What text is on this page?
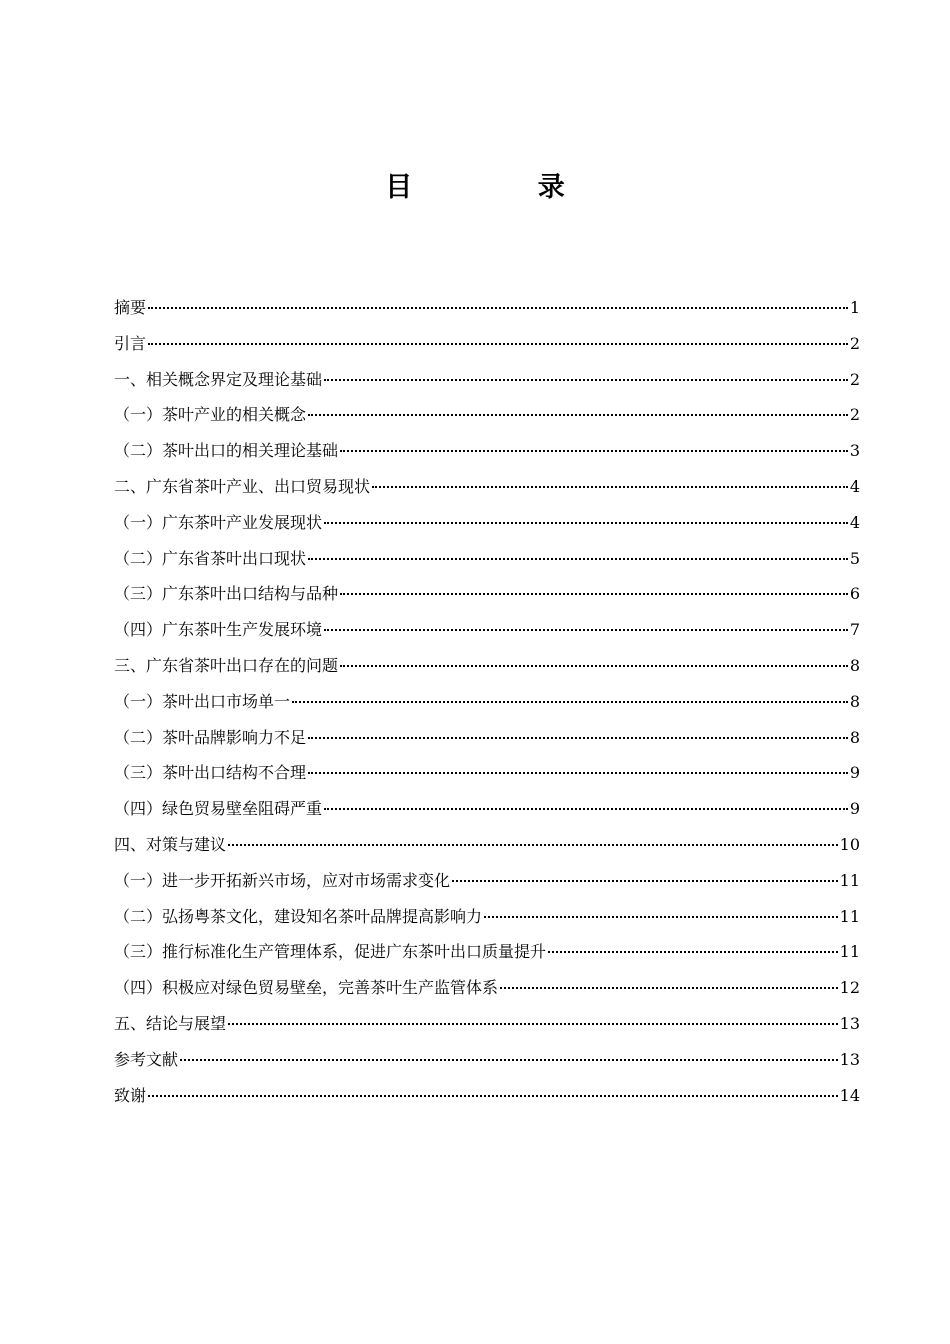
目 录
摘要	1
引言	2
一、相关概念界定及理论基础	2
（一）茶叶产业的相关概念	2
（二）茶叶出口的相关理论基础	3
二、广东省茶叶产业、出口贸易现状	4
（一）广东茶叶产业发展现状	4
（二）广东省茶叶出口现状	5
（三）广东茶叶出口结构与品种	6
（四）广东茶叶生产发展环境	7
三、广东省茶叶出口存在的问题	8
（一）茶叶出口市场单一	8
（二）茶叶品牌影响力不足	8
（三）茶叶出口结构不合理	9
（四）绿色贸易壁垒阻碍严重	9
四、对策与建议	10
（一）进一步开拓新兴市场，应对市场需求变化	11
（二）弘扬粤茶文化，建设知名茶叶品牌提高影响力	11
（三）推行标准化生产管理体系，促进广东茶叶出口质量提升	11
（四）积极应对绿色贸易壁垒，完善茶叶生产监管体系	12
五、结论与展望	13
参考文献	13
致谢	14
